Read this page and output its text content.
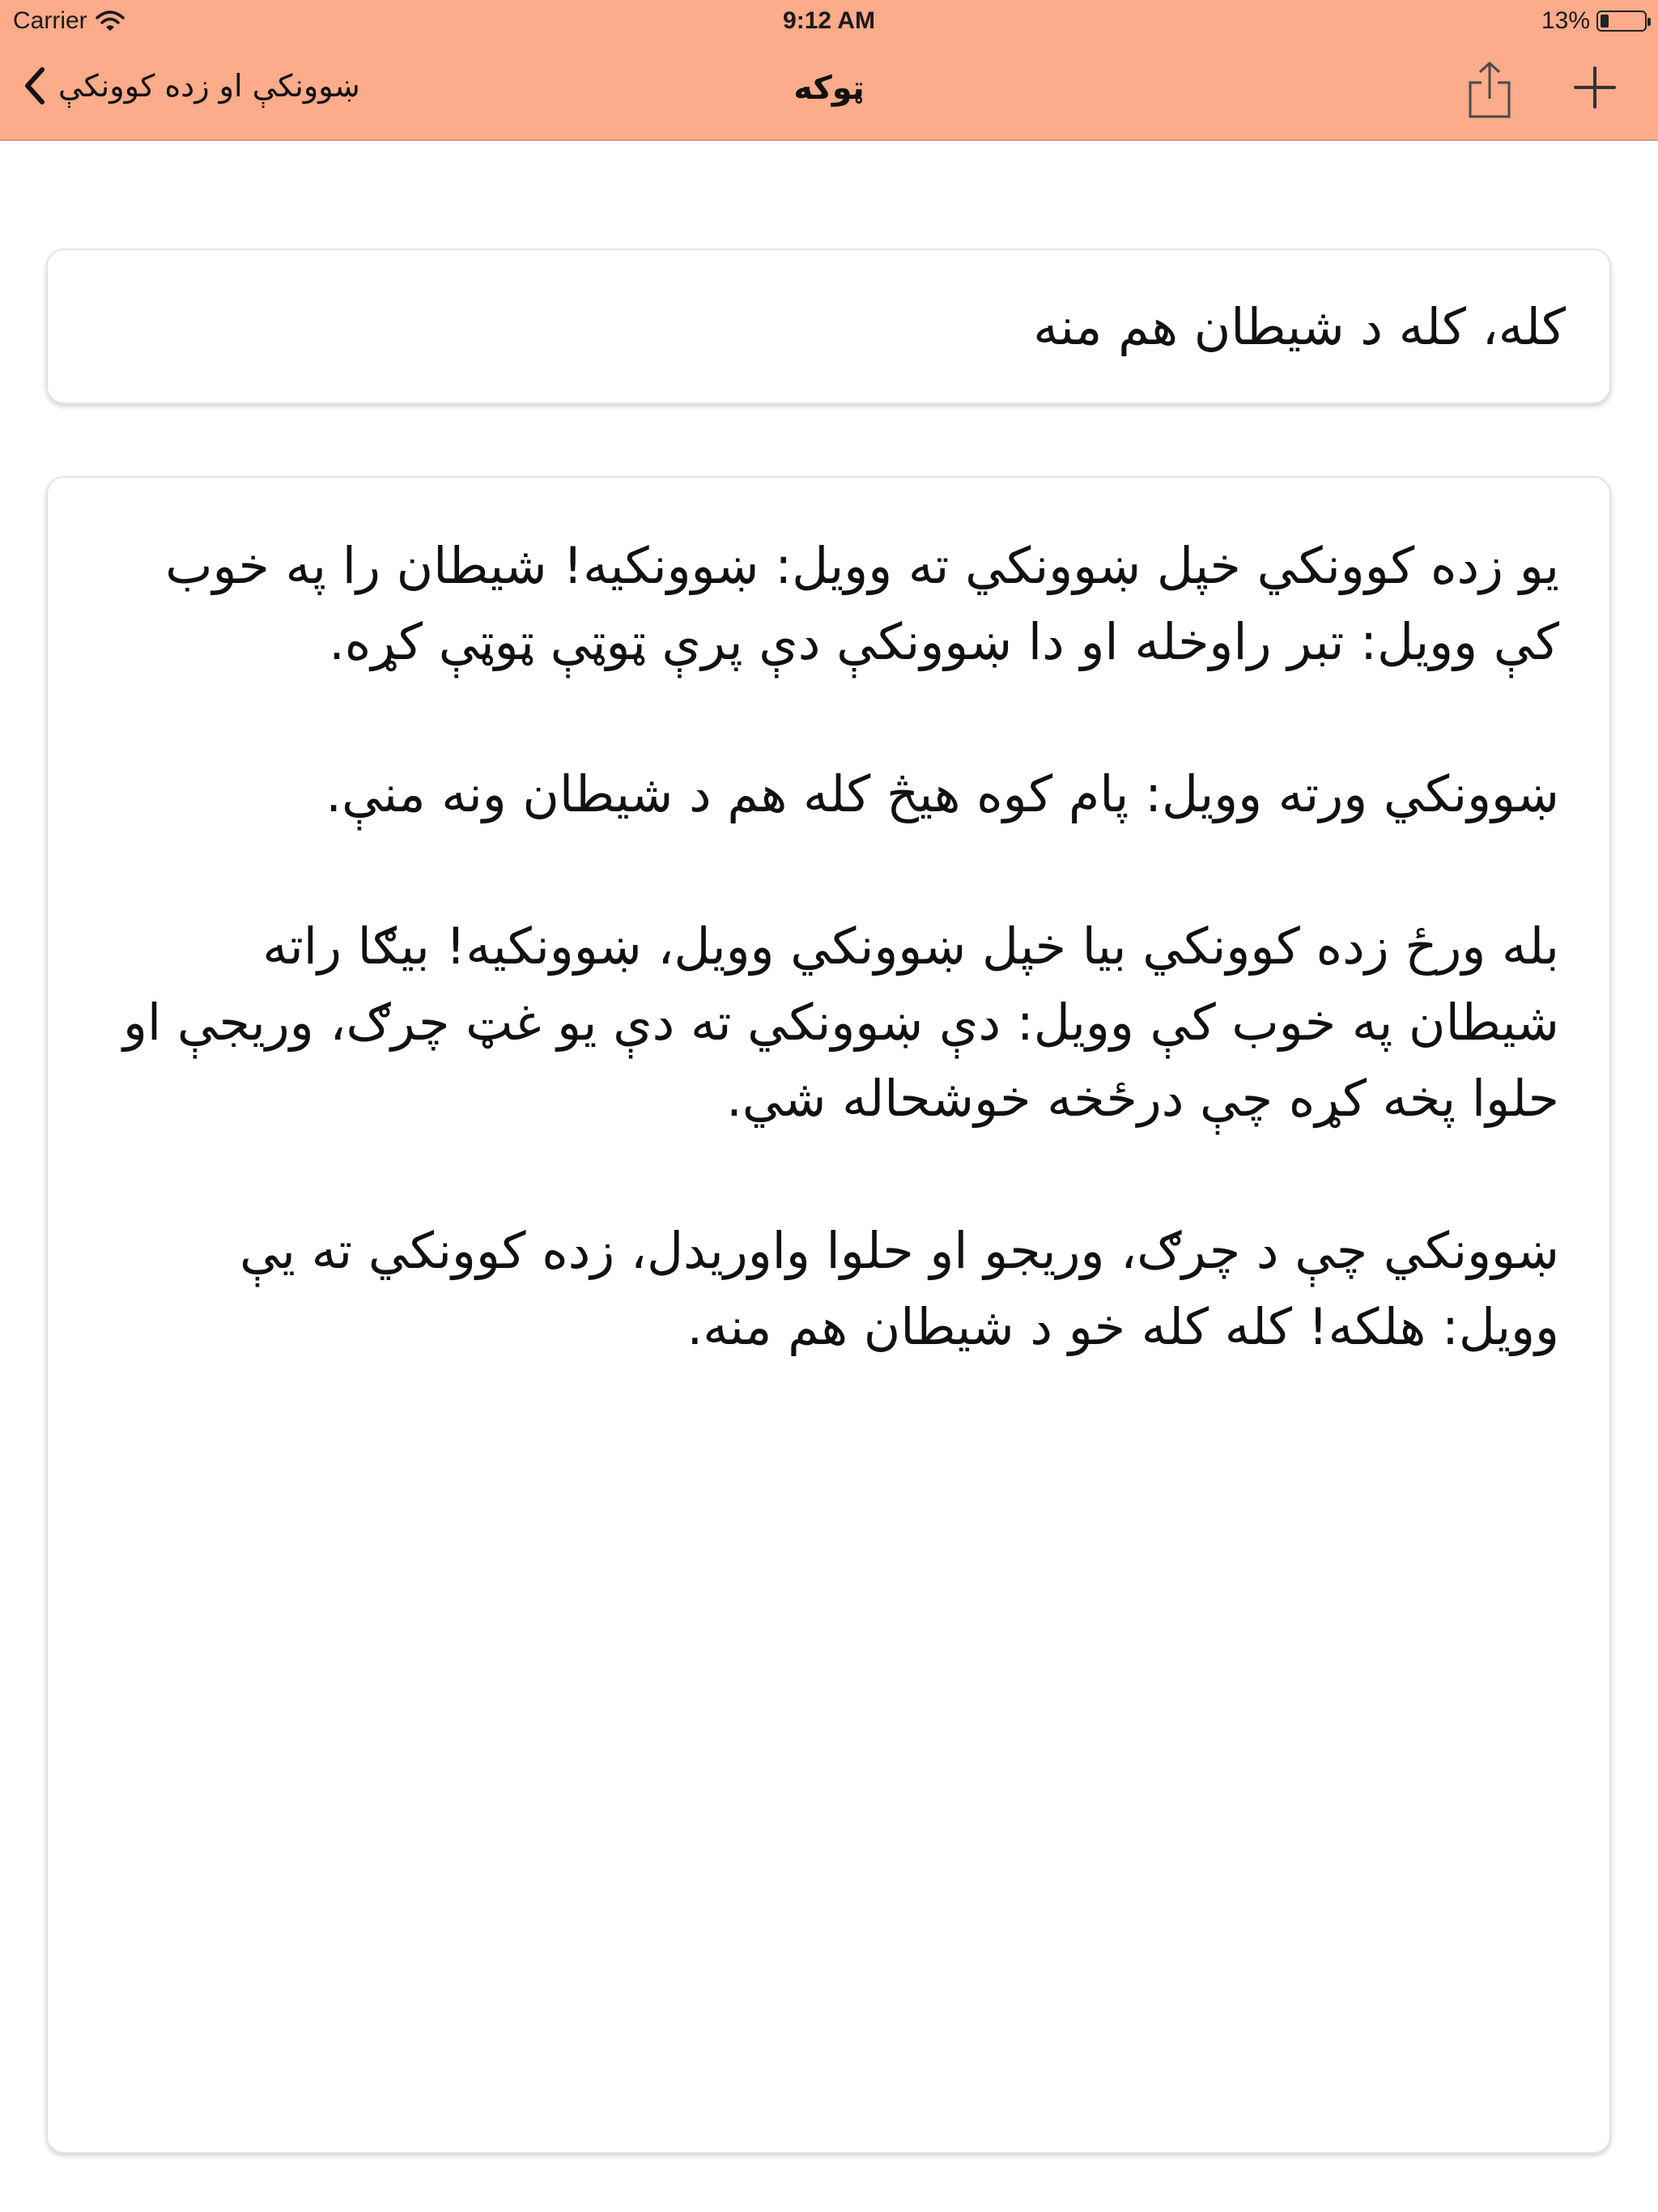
Carrier	9:12 AM	13%
ښوونکې او زده کوونکې	ټوکه
کله، کله د شیطان هم منه

یو زده کوونکي خپل ښوونکي ته وویل: ښوونکیه! شیطان را په خوب کې وویل: تبر راوخله او دا ښوونکې دې پرې ټوټې ټوټې کړه.

ښوونکي ورته وویل: پام کوه هیڅ کله هم د شیطان ونه منې.

بله ورځ زده کوونکي بیا خپل ښوونکي وویل، ښوونکیه! بیګا راته شیطان په خوب کې وویل: دې ښوونکي ته دې یو غټ چرګ، وریجې او حلوا پخه کړه چې درځخه خوشحاله شي.

ښوونکي چې د چرګ، وریجو او حلوا واوریدل، زده کوونکي ته یې وویل: هلکه! کله کله خو د شیطان هم منه.
